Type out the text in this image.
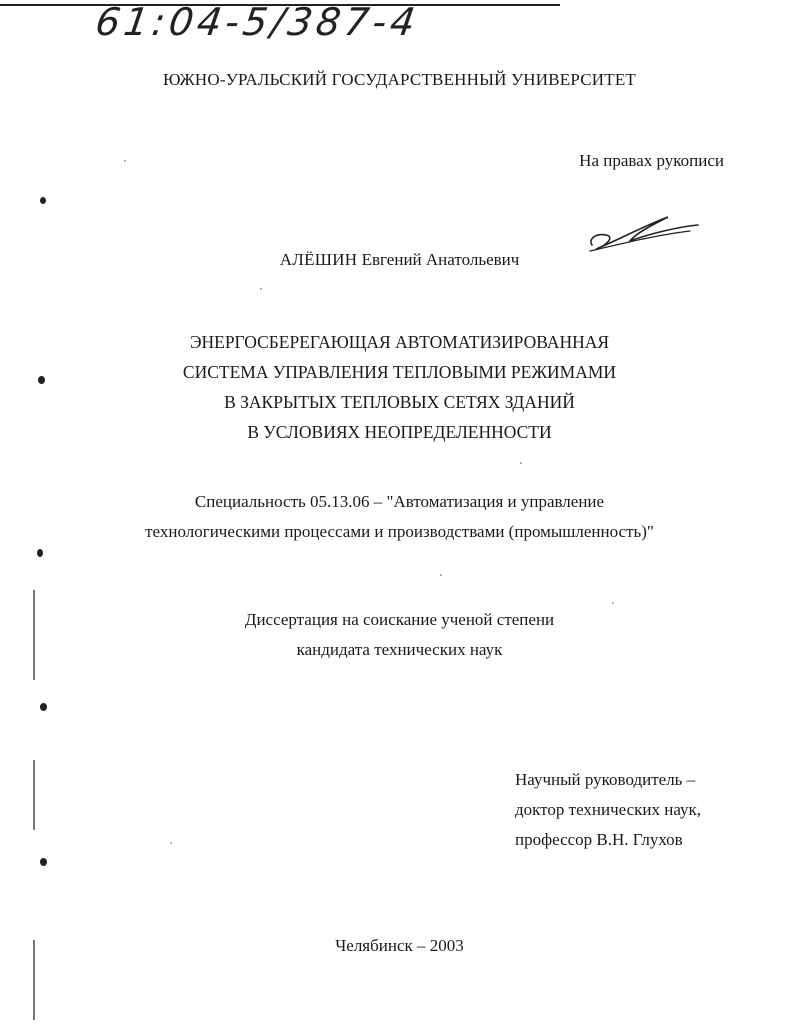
61:04-5/387-4
ЮЖНО-УРАЛЬСКИЙ ГОСУДАРСТВЕННЫЙ УНИВЕРСИТЕТ
На правах рукописи
АЛЁШИН Евгений Анатольевич
ЭНЕРГОСБЕРЕГАЮЩАЯ АВТОМАТИЗИРОВАННАЯ
СИСТЕМА УПРАВЛЕНИЯ ТЕПЛОВЫМИ РЕЖИМАМИ
В ЗАКРЫТЫХ ТЕПЛОВЫХ СЕТЯХ ЗДАНИЙ
В УСЛОВИЯХ НЕОПРЕДЕЛЕННОСТИ
Специальность 05.13.06 – "Автоматизация и управление
технологическими процессами и производствами (промышленность)"
Диссертация на соискание ученой степени
кандидата технических наук
Научный руководитель –
доктор технических наук,
профессор В.Н. Глухов
Челябинск – 2003
